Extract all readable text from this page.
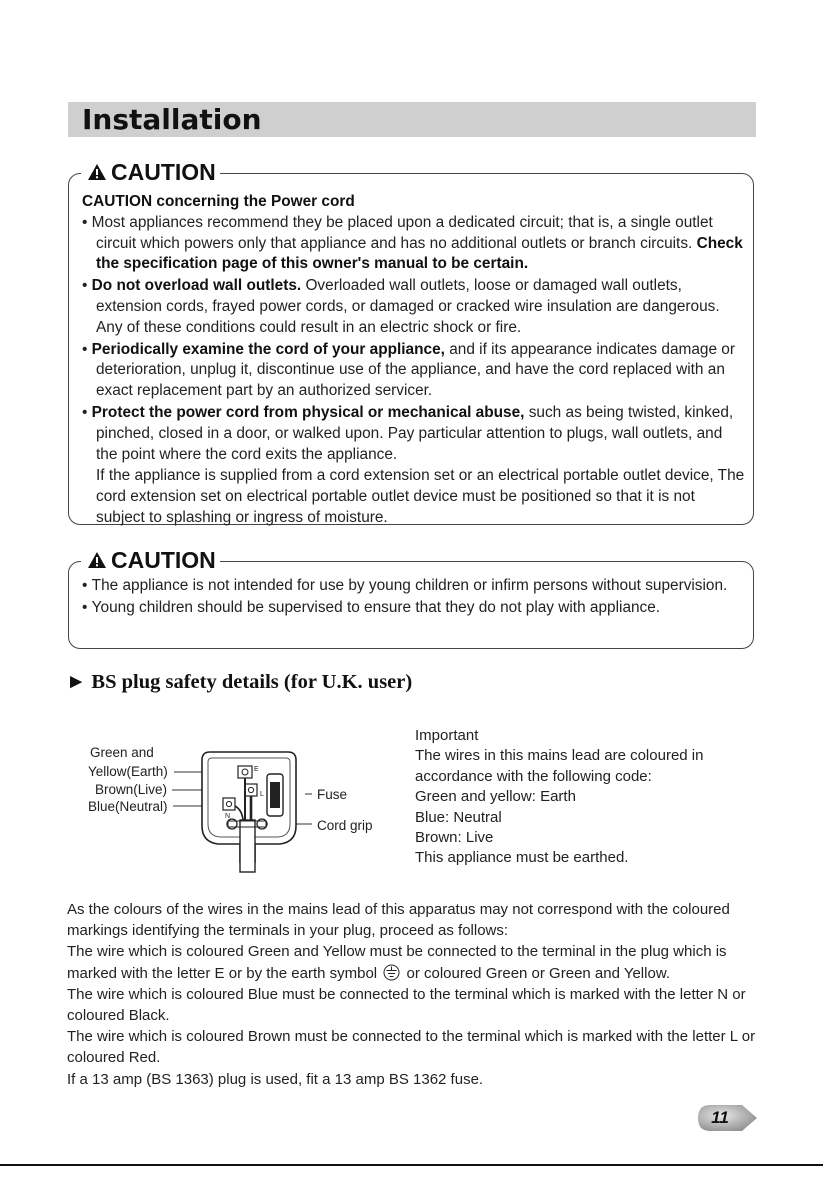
Installation
CAUTION
CAUTION concerning the Power cord
• Most appliances recommend they be placed upon a dedicated circuit; that is, a single outlet circuit which powers only that appliance and has no additional outlets or branch circuits. Check the specification page of this owner's manual to be certain.
• Do not overload wall outlets. Overloaded wall outlets, loose or damaged wall outlets, extension cords, frayed power cords, or damaged or cracked wire insulation are dangerous. Any of these conditions could result in an electric shock or fire.
• Periodically examine the cord of your appliance, and if its appearance indicates damage or deterioration, unplug it, discontinue use of the appliance, and have the cord replaced with an exact replacement part by an authorized servicer.
• Protect the power cord from physical or mechanical abuse, such as being twisted, kinked, pinched, closed in a door, or walked upon. Pay particular attention to plugs, wall outlets, and the point where the cord exits the appliance.
If the appliance is supplied from a cord extension set or an electrical portable outlet device, The cord extension set on electrical portable outlet device must be positioned so that it is not subject to splashing or ingress of moisture.
CAUTION
• The appliance is not intended for use by young children or infirm persons without supervision.
• Young children should be supervised to ensure that they do not play with appliance.
► BS plug safety details (for U.K. user)
Green and
Yellow(Earth)
Brown(Live)
Blue(Neutral)
E
L
N
Fuse
Cord grip
Important
The wires in this mains lead are coloured in
accordance with the following code:
Green and yellow: Earth
Blue: Neutral
Brown: Live
This appliance must be earthed.

As the colours of the wires in the mains lead of this apparatus may not correspond with the coloured markings identifying the terminals in your plug, proceed as follows:

The wire which is coloured Green and Yellow must be connected to the terminal in the plug which is marked with the letter E or by the earth symbol or coloured Green or Green and Yellow.

The wire which is coloured Blue must be connected to the terminal which is marked with the letter N or coloured Black.

The wire which is coloured Brown must be connected to the terminal which is marked with the letter L or coloured Red.

If a 13 amp (BS 1363) plug is used, fit a 13 amp BS 1362 fuse.

11
